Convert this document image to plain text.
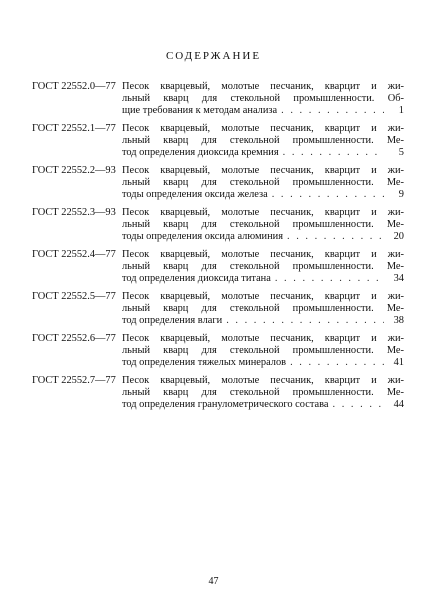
СОДЕРЖАНИЕ
ГОСТ 22552.0—77 Песок кварцевый, молотые песчаник, кварцит и жи-
льный кварц для стекольной промышленности. Об-
щие требования к методам анализа . . .	1
ГОСТ 22552.1—77 Песок кварцевый, молотые песчаник, кварцит и жи-
льный кварц для стекольной промышленности. Ме-
тод определения диоксида кремния . . .	5
ГОСТ 22552.2—93 Песок кварцевый, молотые песчаник, кварцит и жи-
льный кварц для стекольной промышленности. Ме-
тоды определения оксида железа . . .	9
ГОСТ 22552.3—93 Песок кварцевый, молотые песчаник, кварцит и жи-
льный кварц для стекольной промышленности. Ме-
тоды определения оксида алюминия . . .	20
ГОСТ 22552.4—77 Песок кварцевый, молотые песчаник, кварцит и жи-
льный кварц для стекольной промышленности. Ме-
тод определения диоксида титана . . .	34
ГОСТ 22552.5—77 Песок кварцевый, молотые песчаник, кварцит и жи-
льный кварц для стекольной промышленности. Ме-
тод определения влаги . . .	38
ГОСТ 22552.6—77 Песок кварцевый, молотые песчаник, кварцит и жи-
льный кварц для стекольной промышленности. Ме-
тод определения тяжелых минералов . . .	41
ГОСТ 22552.7—77 Песок кварцевый, молотые песчаник, кварцит и жи-
льный кварц для стекольной промышленности. Ме-
тод определения гранулометрического состава . . .	44
47
